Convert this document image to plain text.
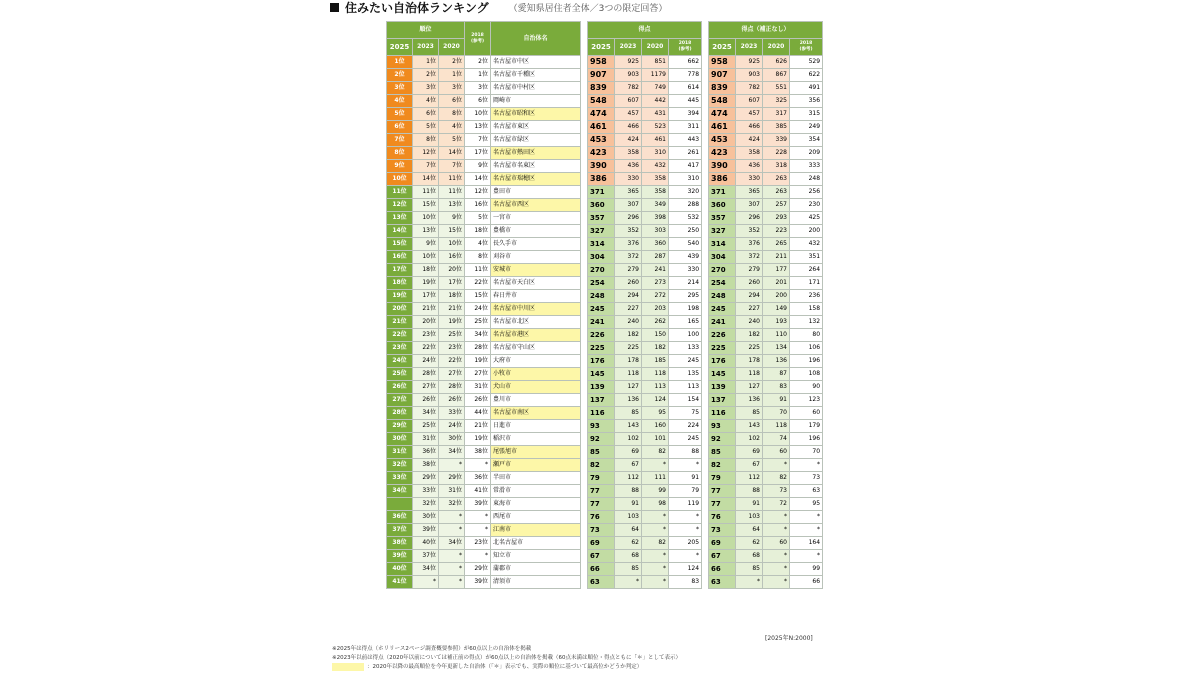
住みたい自治体ランキング （愛知県居住者全体／3つの限定回答）
順位			2018
(参考)	自治体名
2025	2023	2020		
1位	1位	2位	2位	名古屋市中区
2位	2位	1位	1位	名古屋市千種区
3位	3位	3位	3位	名古屋市中村区
4位	4位	6位	6位	岡崎市
5位	6位	8位	10位	名古屋市昭和区
6位	5位	4位	13位	名古屋市東区
7位	8位	5位	7位	名古屋市緑区
8位	12位	14位	17位	名古屋市熱田区
9位	7位	7位	9位	名古屋市名東区
10位	14位	11位	14位	名古屋市瑞穂区
11位	11位	11位	12位	豊田市
12位	15位	13位	16位	名古屋市西区
13位	10位	9位	5位	一宮市
14位	13位	15位	18位	豊橋市
15位	9位	10位	4位	長久手市
16位	10位	16位	8位	刈谷市
17位	18位	20位	11位	安城市
18位	19位	17位	22位	名古屋市天白区
19位	17位	18位	15位	春日井市
20位	21位	21位	24位	名古屋市中川区
21位	20位	19位	25位	名古屋市北区
22位	23位	25位	34位	名古屋市港区
23位	22位	23位	28位	名古屋市守山区
24位	24位	22位	19位	大府市
25位	28位	27位	27位	小牧市
26位	27位	28位	31位	犬山市
27位	26位	26位	26位	豊川市
28位	34位	33位	44位	名古屋市南区
29位	25位	24位	21位	日進市
30位	31位	30位	19位	稲沢市
31位	36位	34位	38位	尾張旭市
32位	38位	*	*	瀬戸市
33位	29位	29位	36位	半田市
34位	33位	31位	41位	常滑市
	32位	32位	39位	東海市
36位	30位	*	*	西尾市
37位	39位	*	*	江南市
38位	40位	34位	23位	北名古屋市
39位	37位	*	*	知立市
40位	34位	*	29位	蒲郡市
41位	*	*	39位	清須市
得点			
2025	2023	2020	2018
(参考)
958	925	851	662
907	903	1179	778
839	782	749	614
548	607	442	445
474	457	431	394
461	466	523	311
453	424	461	443
423	358	310	261
390	436	432	417
386	330	358	310
371	365	358	320
360	307	349	288
357	296	398	532
327	352	303	250
314	376	360	540
304	372	287	439
270	279	241	330
254	260	273	214
248	294	272	295
245	227	203	198
241	240	262	165
226	182	150	100
225	225	182	133
176	178	185	245
145	118	118	135
139	127	113	113
137	136	124	154
116	85	95	75
93	143	160	224
92	102	101	245
85	69	82	88
82	67	*	*
79	112	111	91
77	88	99	79
77	91	98	119
76	103	*	*
73	64	*	*
69	62	82	205
67	68	*	*
66	85	*	124
63	*	*	83
得点（補正なし）			
2025	2023	2020	2018
(参考)
958	925	626	529
907	903	867	622
839	782	551	491
548	607	325	356
474	457	317	315
461	466	385	249
453	424	339	354
423	358	228	209
390	436	318	333
386	330	263	248
371	365	263	256
360	307	257	230
357	296	293	425
327	352	223	200
314	376	265	432
304	372	211	351
270	279	177	264
254	260	201	171
248	294	200	236
245	227	149	158
241	240	193	132
226	182	110	80
225	225	134	106
176	178	136	196
145	118	87	108
139	127	83	90
137	136	91	123
116	85	70	60
93	143	118	179
92	102	74	196
85	69	60	70
82	67	*	*
79	112	82	73
77	88	73	63
77	91	72	95
76	103	*	*
73	64	*	*
69	62	60	164
67	68	*	*
66	85	*	99
63	*	*	66
[2025年N:2000]
※2025年は得点（ホリリース2ページ調査概要参照）が60点以上の自治体を掲載
※2023年以前は得点（2020年以前については補正前の得点）が60点以上の自治体を掲載（60点未満は順位・得点ともに「＊」として表示）
：2020年以降の最高順位を今年更新した自治体（「＊」表示でも、実際の順位に基づいて最高位かどうか判定）
